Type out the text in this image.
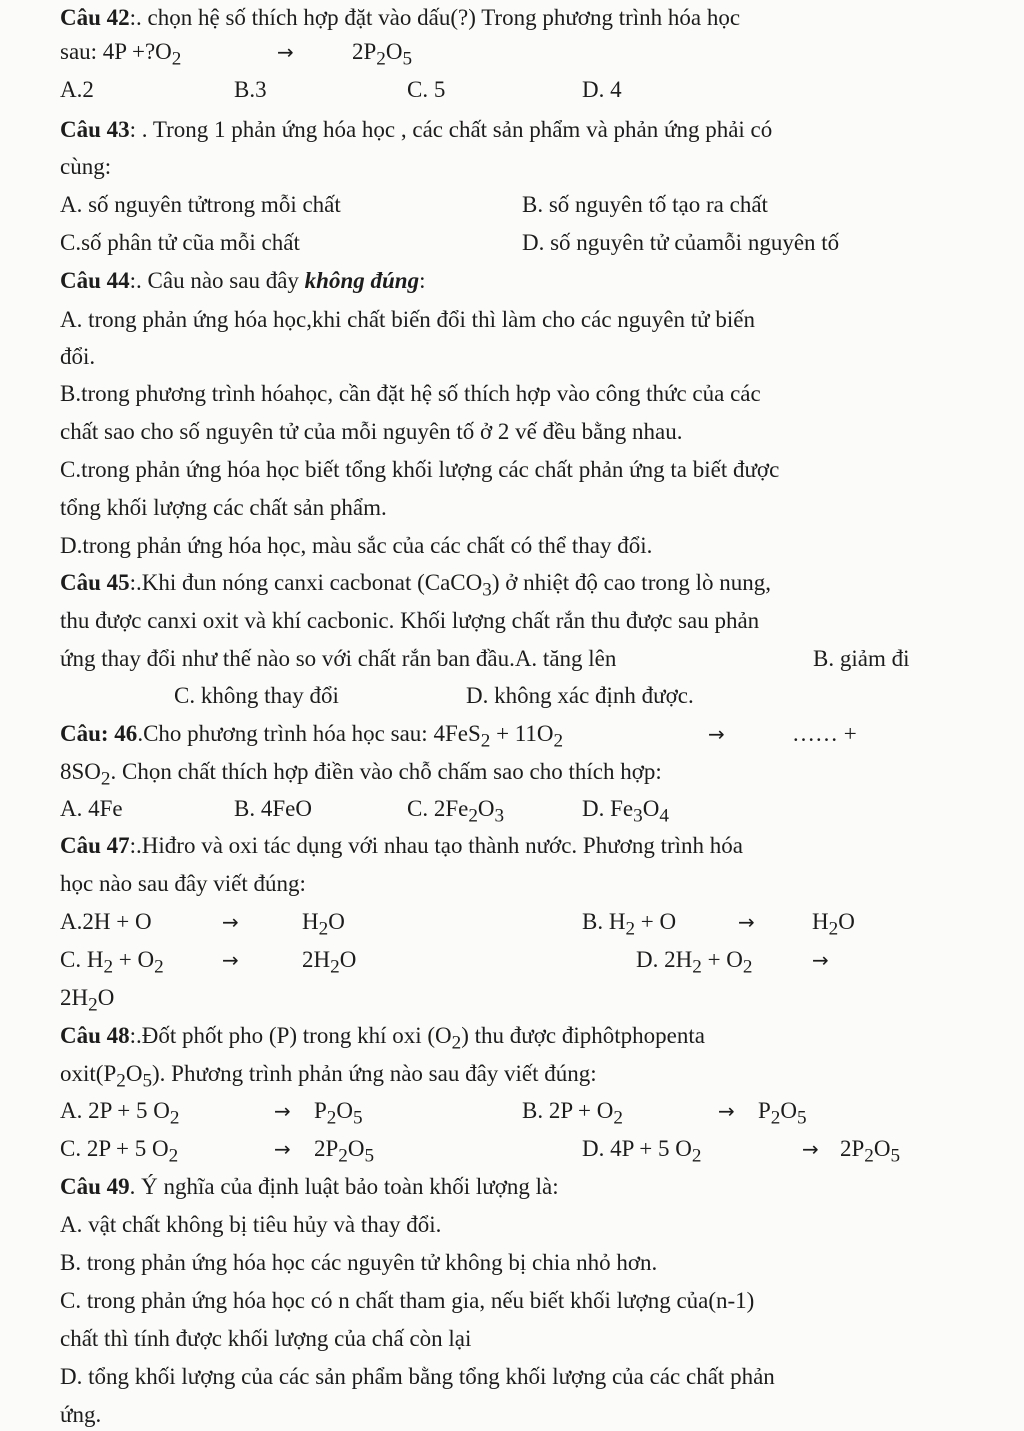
Câu 42:. chọn hệ số thích hợp đặt vào dấu(?) Trong phương trình hóa học
sau: $4P +?O_2$	→	$2P_2O_5$
A.2	B.3	C. 5	D. 4
Câu 43: . Trong 1 phản ứng hóa học , các chất sản phẩm và phản ứng phải có
cùng:
A. số nguyên tửtrong mỗi chất	B. số nguyên tố tạo ra chất
C.số phân tử cũa mỗi chất	D. số nguyên tử củamỗi nguyên tố
Câu 44:. Câu nào sau đây không đúng:
A. trong phản ứng hóa học,khi chất biến đổi thì làm cho các nguyên tử biến
đổi.
B.trong phương trình hóahọc, cần đặt hệ số thích hợp vào công thức của các
chất sao cho số nguyên tử của mỗi nguyên tố ở 2 vế đều bằng nhau.
C.trong phản ứng hóa học biết tổng khối lượng các chất phản ứng ta biết được
tổng khối lượng các chất sản phẩm.
D.trong phản ứng hóa học, màu sắc của các chất có thể thay đổi.
Câu 45:.Khi đun nóng canxi cacbonat (CaCO$_3$) ở nhiệt độ cao trong lò nung,
thu được canxi oxit và khí cacbonic. Khối lượng chất rắn thu được sau phản
ứng thay đổi như thế nào so với chất rắn ban đầu.A. tăng lên	B. giảm đi
C. không thay đổi	D. không xác định được.
Câu: 46.Cho phương trình hóa học sau: $4FeS_2 + 11O_2$	→	…… +
$8SO_2$. Chọn chất thích hợp điền vào chỗ chấm sao cho thích hợp:
A. 4Fe	B. 4FeO	C. $2Fe_2O_3$	D. $Fe_3O_4$
Câu 47:.Hiđro và oxi tác dụng với nhau tạo thành nước. Phương trình hóa
học nào sau đây viết đúng:
A.2H + O	→	$H_2O$	B. $H_2 + O$	→ $H_2O$
C. $H_2 + O_2$	→	$2H_2O$	D. $2H_2 + O_2$	→
$2H_2O$
Câu 48:.Đốt phốt pho (P) trong khí oxi $(O_2)$ thu được điphôtphopenta
$oxit(P_2O_5)$. Phương trình phản ứng nào sau đây viết đúng:
A. 2P + 5 $O_2$	→ $P_2O_5$	B. $2P + O_2$	→ $P_2O_5$
C. 2P + 5 $O_2$	→ $2P_2O_5$	D. 4P + 5 $O_2$	→ $2P_2O_5$
Câu 49. Ý nghĩa của định luật bảo toàn khối lượng là:
A. vật chất không bị tiêu hủy và thay đổi.
B. trong phản ứng hóa học các nguyên tử không bị chia nhỏ hơn.
C. trong phản ứng hóa học có n chất tham gia, nếu biết khối lượng của(n-1)
chất thì tính được khối lượng của chấ còn lại
D. tổng khối lượng của các sản phẩm bằng tổng khối lượng của các chất phản
ứng.
